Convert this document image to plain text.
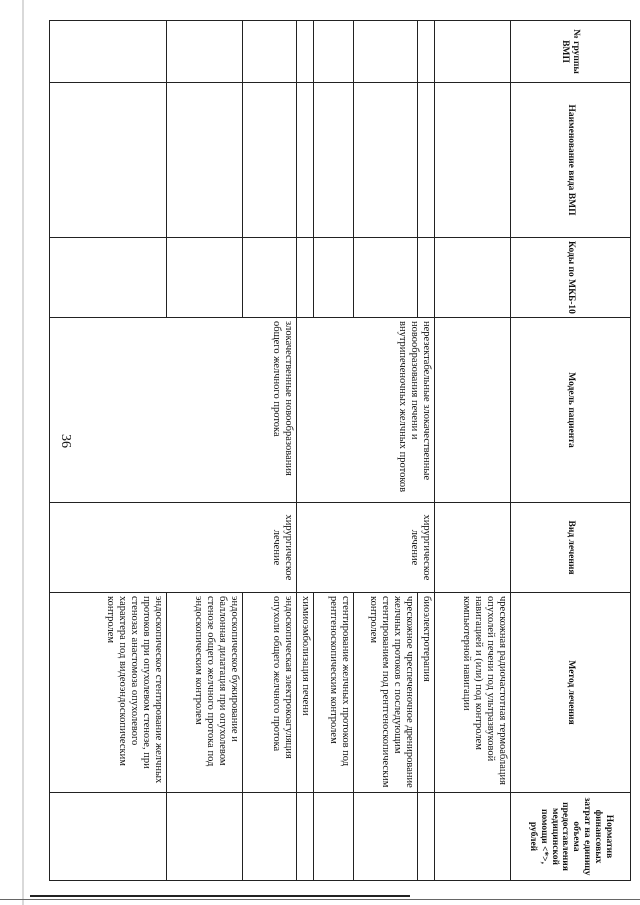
36
№ группы ВМП	Наименование вида ВМП	Коды по МКБ-10	Модель пациента	Вид лечения	Метод лечения	Норматив финансовых затрат на единицу объема предоставления медицинской помощи <*>, рублей
					чрескожная радиочастотная термоаблация опухолей печени под ультразвуковой навигацией и (или) под контролем компьютерной навигации	
			нерезектабельные злокачественные новообразования печени и внутрипеченочных желчных протоков	хирургическое лечение	биоэлектротерапия	
					чрескожное чреспеченочное дренирование желчных протоков с последующим стентированием под рентгеноскопическим контролем	
					стентирование желчных протоков под рентгеноскопическим контролем	
					химиоэмболизация печени	
			злокачественные новообразования общего желчного протока	хирургическое лечение	эндоскопическая электрокоагуляция опухоли общего желчного протока	
					эндоскопическое бужирование и баллонная дилатация при опухолевом стенозе общего желчного протока под эндоскопическим контролем	
					эндоскопическое стентирование желчных протоков при опухолевом стенозе, при стенозах анастомоза опухолевого характера под видеоэндоскопическим контролем	
